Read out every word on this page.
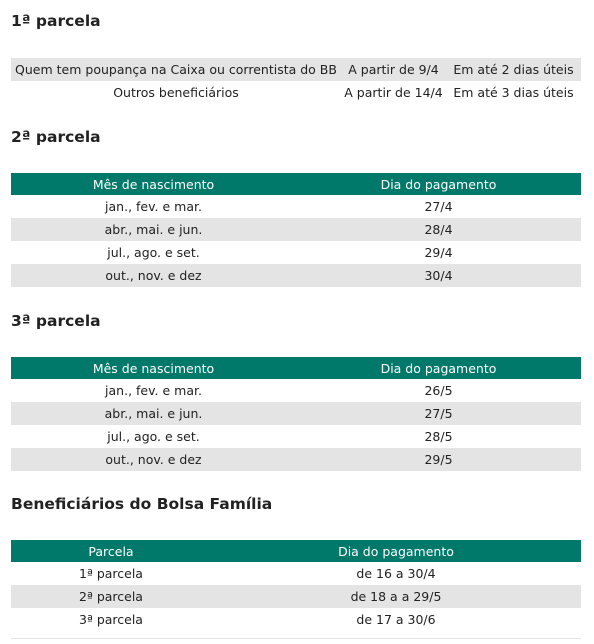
1ª parcela
Quem tem poupança na Caixa ou correntista do BB	A partir de 9/4	Em até 2 dias úteis
Outros beneficiários	A partir de 14/4	Em até 3 dias úteis
2ª parcela
Mês de nascimento	Dia do pagamento
jan., fev. e mar.	27/4
abr., mai. e jun.	28/4
jul., ago. e set.	29/4
out., nov. e dez	30/4
3ª parcela
Mês de nascimento	Dia do pagamento
jan., fev. e mar.	26/5
abr., mai. e jun.	27/5
jul., ago. e set.	28/5
out., nov. e dez	29/5
Beneficiários do Bolsa Família
Parcela	Dia do pagamento
1ª parcela	de 16 a 30/4
2ª parcela	de 18 a a 29/5
3ª parcela	de 17 a 30/6
